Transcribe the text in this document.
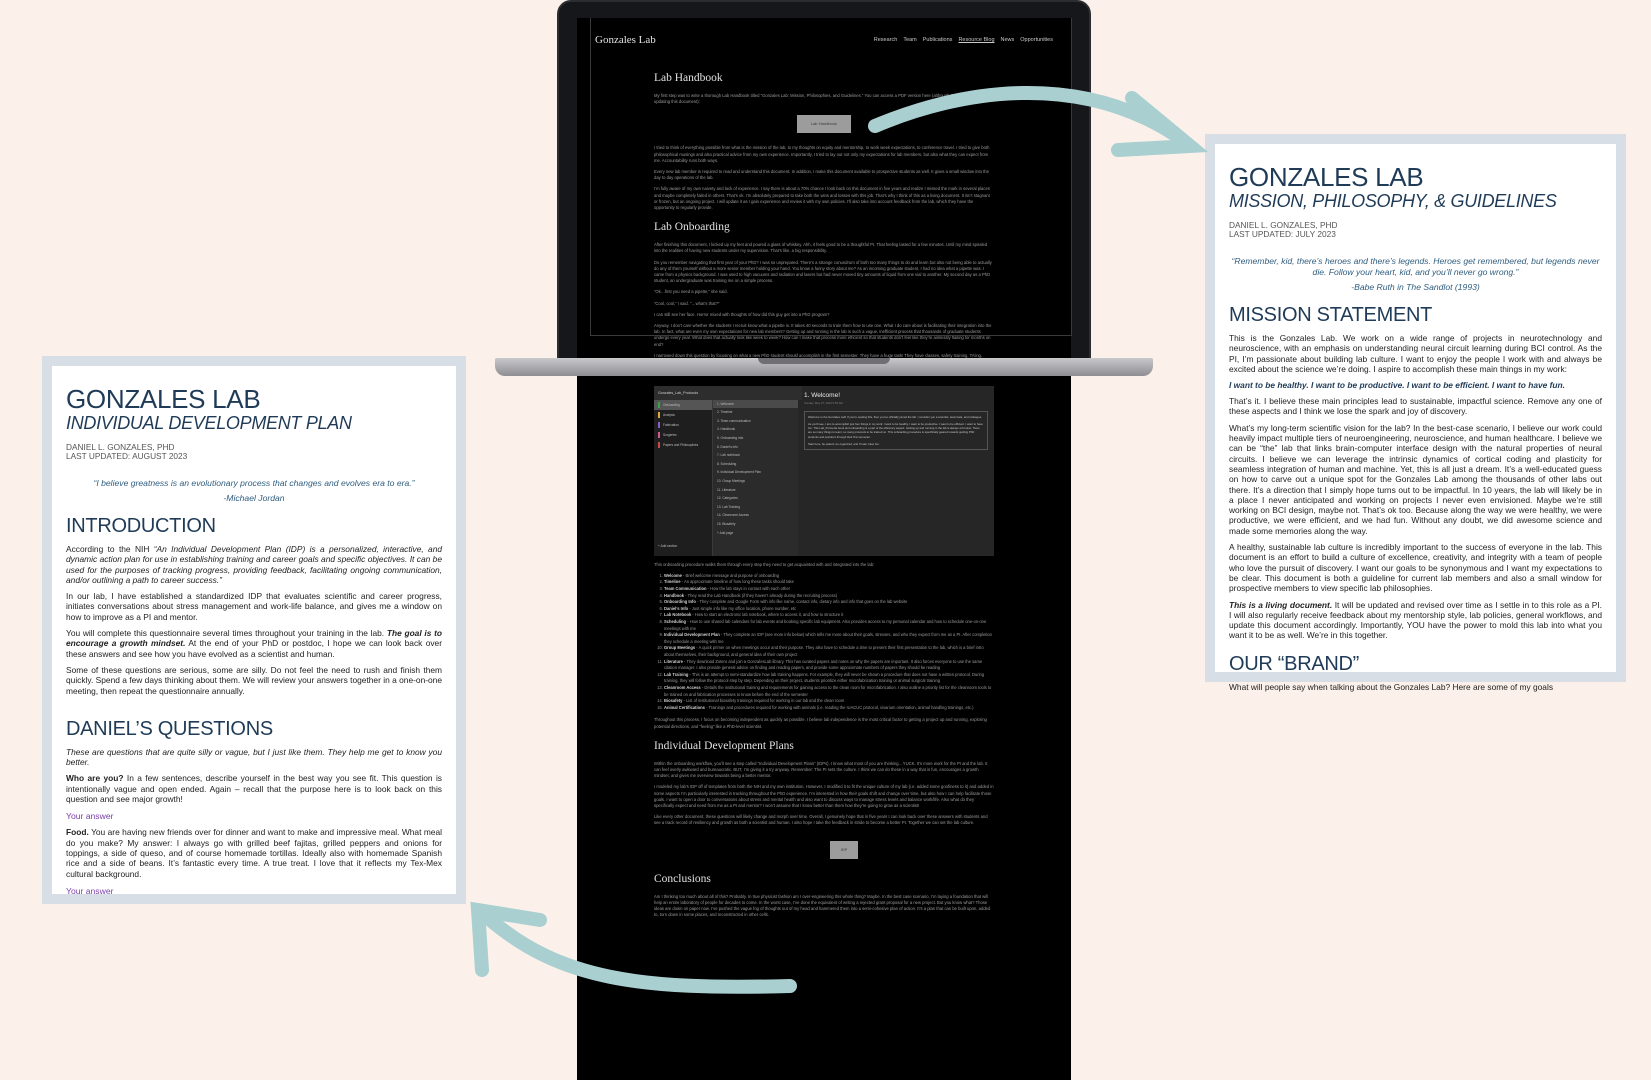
Gonzales Lab	Research Team Publications Resource Blog News Opportunities
Lab Handbook
My first step was to write a thorough Lab Handbook titled “Gonzales Lab: Mission, Philosophies, and Guidelines.” You can access a PDF version here (although I’m continually updating this document):
Lab Handbook
I tried to think of everything possible from what is the mission of the lab, to my thoughts on equity and mentorship, to work week expectations, to conference travel. I tried to give both philosophical musings and also practical advice from my own experience. Importantly, I tried to lay out not only my expectations for lab members, but also what they can expect from me. Accountability runs both ways.
Every new lab member is required to read and understand this document. In addition, I make this document available to prospective students as well. It gives a small window into the day to day operations of the lab.
I’m fully aware of my own naivety and lack of experience. I say there is about a 70% chance I look back on this document in five years and realize I missed the mark in several places and maybe completely failed in others. That’s ok. I’m absolutely prepared to take both the wins and losses with this job. That’s why I think of this as a living document. It isn’t stagnant or frozen, but an ongoing project. I will update it as I gain experience and review it with my own policies. I’ll also take into account feedback from the lab, which they have the opportunity to regularly provide.
Lab Onboarding
After finishing this document, I kicked up my feet and poured a glass of whiskey. Ahh, it feels good to be a thoughtful PI. That feeling lasted for a few minutes. Until my mind spiraled into the realities of having new students under my supervision. That’s like, a big responsibility.
Do you remember navigating that first year of your PhD? I was so unprepared. There’s a strange conundrum of both too many things to do and learn but also not being able to actually do any of them yourself without a more senior member holding your hand. You know a funny story about me? As an incoming graduate student, I had no idea what a pipette was. I came from a physics background. I was used to high vacuums and radiation and lasers but had never moved tiny amounts of liquid from one vial to another. My second day as a PhD student, an undergraduate was training me on a simple process.
“Ok…first you need a pipette,” she said.
“Cool, cool,” I said. “…what’s that?”
I can still see her face. Horror mixed with thoughts of how did this guy get into a PhD program?
Anyway, I don’t care whether the students I recruit know what a pipette is. It takes 40 seconds to train them how to use one. What I do care about is facilitating their integration into the lab. In fact, what are even my own expectations for new lab members? Getting up and running in the lab is such a vague, inefficient process that thousands of graduate students undergo every year. What does that actually look like week to week? How can I make that process more efficient so that students don’t feel like they’re aimlessly flailing for months on end?
I narrowed down this question by focusing on what a new PhD student should accomplish in the first semester. They have a huge task! They have classes, safety training, TA’ing,
Gonzales_Lab_Protocols
Onboarding
Analysis
Fabrication
Surgeries
Papers and Philosophies
+ Add section
1. Welcome
2. Timeline
3. Team communication
4. Handbook
5. Onboarding info
6. Daniel's info
7. Lab notebook
8. Scheduling
9. Individual Development Plan
10. Group Meetings
11. Literature
12. Categories
13. Lab Training
14. Cleanroom Access
15. Biosafety
+ Add page
1. Welcome!
Sunday, May 07, 2023 5:56 AM
Welcome to the Gonzales Lab! If you’re reading this, then you’ve officially joined the lab. I consider you a scientist, teammate, and colleague.
As you’ll see, I aim to accomplish just four things in my work: I want to be healthy. I want to be productive. I want to be efficient. I want to have fun. This Lab_Protocols book and onboarding is a part of the efficiency aspect. Getting up and running in the lab is always a bit slow. There are so many things to learn; so many protocols to be trained on. This onboarding procedure is specifically geared towards guiding PhD students and postdocs through their first semester.
Start here, be patient, be organized, and I’ll ask, have fun.
This onboarding procedure walks them through every step they need to get acquainted with and integrated into the lab:
1. Welcome - Brief welcome message and purpose of onboarding
2. Timeline - An approximate timeline of how long these tasks should take
3. Team Communication - How the lab stays in contact with each other
4. Handbook - They read the Lab Handbook (if they haven’t already during the recruiting process)
5. Onboarding Info - They complete and Google Form with info like name, contact info, dietary info and info that goes on the lab website
6. Daniel’s Info - Just simple info like my office location, phone number, etc
7. Lab Notebook - How to start an electronic lab notebook, where to access it, and how to structure it
8. Scheduling - How to use shared lab calendars for lab events and booking specific lab equipment. Also provides access to my personal calendar and how to schedule one-on-one meetings with me
9. Individual Development Plan - They complete an IDP (see more info below) which tells me more about their goals, stresses, and who they expect from me as a PI. After completion they schedule a meeting with me
10. Group Meetings - A quick primer on when meetings occur and their purpose. They also have to schedule a time to present their first presentation to the lab, which is a brief intro about themselves, their background, and general idea of their own project
11. Literature - They download Zotero and join a GonzalesLab library. This has curated papers and notes on why the papers are important. It also forces everyone to use the same citation manager. I also provide general advice on finding and reading papers, and provide some approximate numbers of papers they should be reading
12. Lab Training - This is an attempt to semi-standardize how lab training happens. For example, they will never be shown a procedure that does not have a written protocol. During training, they will follow the protocol step by step. Depending on their project, students prioritize either microfabrication training or animal surgical training
13. Cleanroom Access - Details the institutional training and requirements for gaining access to the clean room for microfabrication. I also outline a priority list for the cleanroom tools to be trained on and fabrication processes to know before the end of the semester
14. Biosafety - List of institutional biosafety trainings required for working in our lab and the clean room
15. Animal Certifications - Trainings and procedures required for working with animals (i.e. reading the IUACUC protocol, vivarium orientation, animal handling trainings, etc.)
Throughout this process, I focus on becoming independent as quickly as possible. I believe lab independence is the most critical factor to getting a project up and running, exploring potential directions, and “feeling” like a PhD-level scientist.
Individual Development Plans
Within the onboarding workflow, you’ll see a step called “Individual Development Plans” (IDPs). I know what most of you are thinking…YUCK. It’s more work for the PI and the lab. It can feel overly awkward and bureaucratic. BUT, I’m giving it a try anyway. Remember: The PI sets the culture. I think we can do these in a way that is fun, encourages a growth mindset, and gives me overview towards being a better mentor.
I modeled my lab’s IDP off of templates from both the NIH and my own institution. However, I modified it to fit the unique culture of my lab (i.e. added some goofiness to it) and added in some aspects I’m particularly interested in tracking throughout the PhD experience. I’m interested in how their goals shift and change over time, but also how I can help facilitate those goals. I want to open a door to conversations about stress and mental health and also want to discuss ways to manage stress levels and balance work/life. Also what do they specifically expect and need from me as a PI and mentor? I won’t assume that I know better than them how they’re going to grow as a scientist!
Like every other document, these questions will likely change and morph over time. Overall, I genuinely hope that in five years I can look back over these answers with students and see a track record of resiliency and growth as both a scientist and human. I also hope I take the feedback in stride to become a better PI. Together we can set the lab culture.
IDP
Conclusions
Am I thinking too much about all of this? Probably. In true physicist fashion am I over-engineering this whole thing? Maybe. In the best case scenario, I’m laying a foundation that will help an entire laboratory of people for decades to come. In the worst case, I’ve done the equivalent of writing a rejected grant proposal for a new project. But you know what? Those ideas are down on paper now. I’ve pushed the vague fog of thoughts out of my head and hammered them into a semi-cohesive plan of action. It’s a plan that can be built upon, added to, torn down in some places, and reconstructed in other cells.
GONZALES LAB
MISSION, PHILOSOPHY, & GUIDELINES
DANIEL L. GONZALES, PHD
LAST UPDATED: JULY 2023
“Remember, kid, there’s heroes and there’s legends. Heroes get remembered, but legends never die. Follow your heart, kid, and you’ll never go wrong.”
-Babe Ruth in The Sandlot (1993)
MISSION STATEMENT
This is the Gonzales Lab. We work on a wide range of projects in neurotechnology and neuroscience, with an emphasis on understanding neural circuit learning during BCI control. As the PI, I’m passionate about building lab culture. I want to enjoy the people I work with and always be excited about the science we’re doing. I aspire to accomplish these main things in my work:
I want to be healthy. I want to be productive. I want to be efficient. I want to have fun.
That’s it. I believe these main principles lead to sustainable, impactful science. Remove any one of these aspects and I think we lose the spark and joy of discovery.
What’s my long-term scientific vision for the lab? In the best-case scenario, I believe our work could heavily impact multiple tiers of neuroengineering, neuroscience, and human healthcare. I believe we can be “the” lab that links brain-computer interface design with the natural properties of neural circuits. I believe we can leverage the intrinsic dynamics of cortical coding and plasticity for seamless integration of human and machine. Yet, this is all just a dream. It’s a well-educated guess on how to carve out a unique spot for the Gonzales Lab among the thousands of other labs out there. It’s a direction that I simply hope turns out to be impactful. In 10 years, the lab will likely be in a place I never anticipated and working on projects I never even envisioned. Maybe we’re still working on BCI design, maybe not. That’s ok too. Because along the way we were healthy, we were productive, we were efficient, and we had fun. Without any doubt, we did awesome science and made some memories along the way.
A healthy, sustainable lab culture is incredibly important to the success of everyone in the lab. This document is an effort to build a culture of excellence, creativity, and integrity with a team of people who love the pursuit of discovery. I want our goals to be synonymous and I want my expectations to be clear. This document is both a guideline for current lab members and also a small window for prospective members to view specific lab philosophies.
This is a living document. It will be updated and revised over time as I settle in to this role as a PI. I will also regularly receive feedback about my mentorship style, lab policies, general workflows, and update this document accordingly. Importantly, YOU have the power to mold this lab into what you want it to be as well. We’re in this together.
OUR “BRAND”
What will people say when talking about the Gonzales Lab? Here are some of my goals
GONZALES LAB
INDIVIDUAL DEVELOPMENT PLAN
DANIEL L. GONZALES, PHD
LAST UPDATED: AUGUST 2023
“I believe greatness is an evolutionary process that changes and evolves era to era.”
-Michael Jordan
INTRODUCTION
According to the NIH “An Individual Development Plan (IDP) is a personalized, interactive, and dynamic action plan for use in establishing training and career goals and specific objectives. It can be used for the purposes of tracking progress, providing feedback, facilitating ongoing communication, and/or outlining a path to career success.”
In our lab, I have established a standardized IDP that evaluates scientific and career progress, initiates conversations about stress management and work-life balance, and gives me a window on how to improve as a PI and mentor.
You will complete this questionnaire several times throughout your training in the lab. The goal is to encourage a growth mindset. At the end of your PhD or postdoc, I hope we can look back over these answers and see how you have evolved as a scientist and human.
Some of these questions are serious, some are silly. Do not feel the need to rush and finish them quickly. Spend a few days thinking about them. We will review your answers together in a one-on-one meeting, then repeat the questionnaire annually.
DANIEL’S QUESTIONS
These are questions that are quite silly or vague, but I just like them. They help me get to know you better.
Who are you? In a few sentences, describe yourself in the best way you see fit. This question is intentionally vague and open ended. Again – recall that the purpose here is to look back on this question and see major growth!
Your answer
Food. You are having new friends over for dinner and want to make and impressive meal. What meal do you make? My answer: I always go with grilled beef fajitas, grilled peppers and onions for toppings, a side of queso, and of course homemade tortillas. Ideally also with homemade Spanish rice and a side of beans. It’s fantastic every time. A true treat. I love that it reflects my Tex-Mex cultural background.
Your answer
